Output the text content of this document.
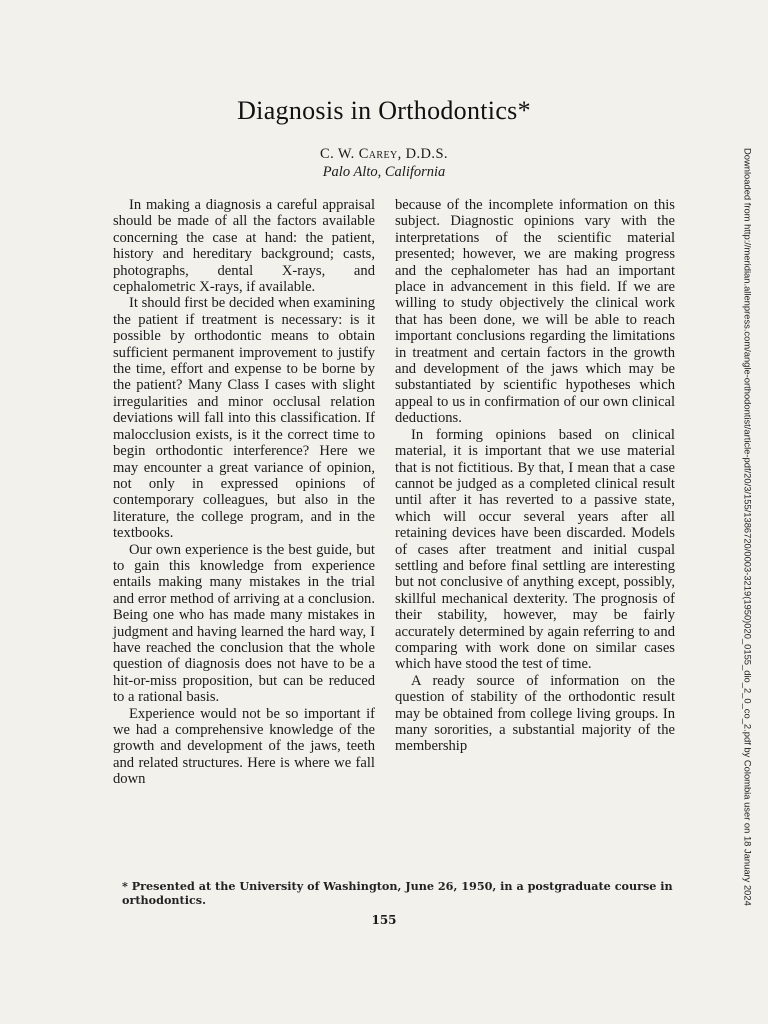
Diagnosis in Orthodontics*
C. W. Carey, D.D.S.
Palo Alto, California

In making a diagnosis a careful appraisal should be made of all the factors available concerning the case at hand: the patient, history and hereditary background; casts, photographs, dental X-rays, and cephalometric X-rays, if available.

It should first be decided when examining the patient if treatment is necessary: is it possible by orthodontic means to obtain sufficient permanent improvement to justify the time, effort and expense to be borne by the patient? Many Class I cases with slight irregularities and minor occlusal relation deviations will fall into this classification. If malocclusion exists, is it the correct time to begin orthodontic interference? Here we may encounter a great variance of opinion, not only in expressed opinions of contemporary colleagues, but also in the literature, the college program, and in the textbooks.

Our own experience is the best guide, but to gain this knowledge from experience entails making many mistakes in the trial and error method of arriving at a conclusion. Being one who has made many mistakes in judgment and having learned the hard way, I have reached the conclusion that the whole question of diagnosis does not have to be a hit-or-miss proposition, but can be reduced to a rational basis.

Experience would not be so important if we had a comprehensive knowledge of the growth and development of the jaws, teeth and related structures. Here is where we fall down

because of the incomplete information on this subject. Diagnostic opinions vary with the interpretations of the scientific material presented; however, we are making progress and the cephalometer has had an important place in advancement in this field. If we are willing to study objectively the clinical work that has been done, we will be able to reach important conclusions regarding the limitations in treatment and certain factors in the growth and development of the jaws which may be substantiated by scientific hypotheses which appeal to us in confirmation of our own clinical deductions.

In forming opinions based on clinical material, it is important that we use material that is not fictitious. By that, I mean that a case cannot be judged as a completed clinical result until after it has reverted to a passive state, which will occur several years after all retaining devices have been discarded. Models of cases after treatment and initial cuspal settling and before final settling are interesting but not conclusive of anything except, possibly, skillful mechanical dexterity. The prognosis of their stability, however, may be fairly accurately determined by again referring to and comparing with work done on similar cases which have stood the test of time.

A ready source of information on the question of stability of the orthodontic result may be obtained from college living groups. In many sororities, a substantial majority of the membership

* Presented at the University of Washington, June 26, 1950, in a postgraduate course in orthodontics.
155
Downloaded from http://meridian.allenpress.com/angle-orthodontist/article-pdf/20/3/155/1386720/0003-3219(1950)020_0155_dio_2_0_co_2.pdf by Colombia user on 18 January 2024
